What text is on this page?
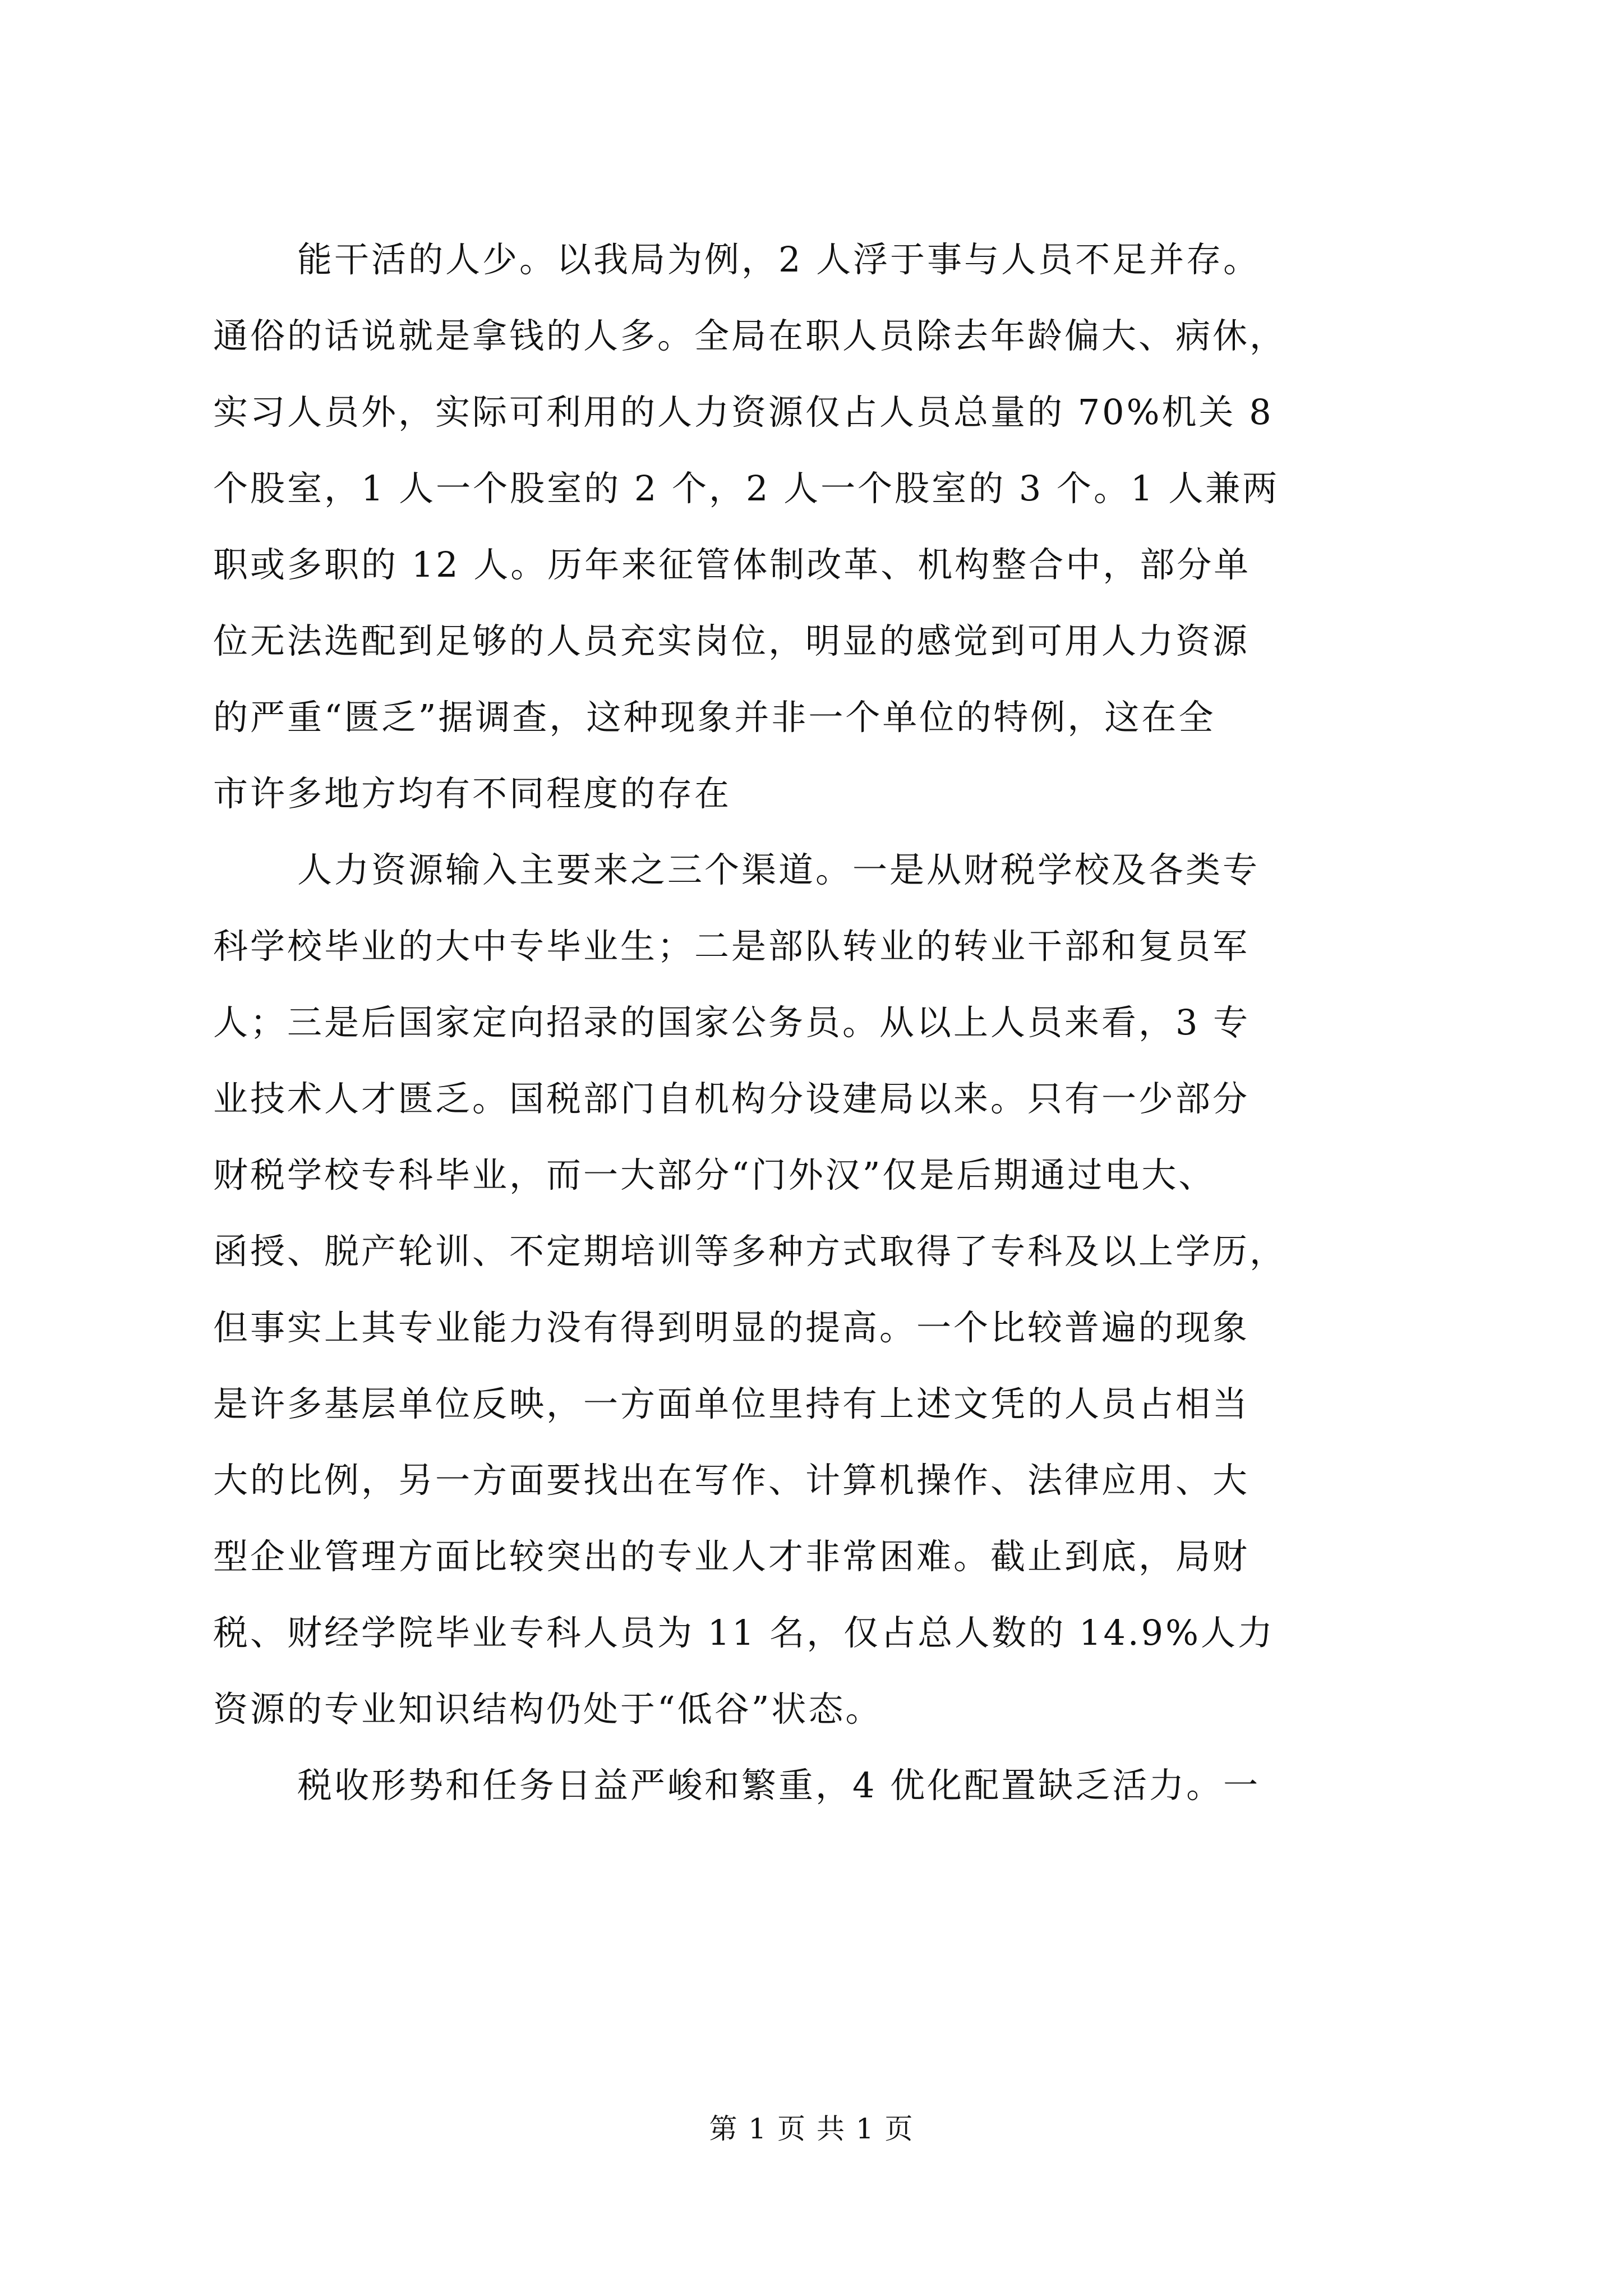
能干活的人少。以我局为例，2 人浮于事与人员不足并存。
通俗的话说就是拿钱的人多。全局在职人员除去年龄偏大、病休，
实习人员外，实际可利用的人力资源仅占人员总量的 70%机关 8
个股室，1 人一个股室的 2 个，2 人一个股室的 3 个。1 人兼两
职或多职的 12 人。历年来征管体制改革、机构整合中，部分单
位无法选配到足够的人员充实岗位，明显的感觉到可用人力资源
的严重“匮乏”据调查，这种现象并非一个单位的特例，这在全
市许多地方均有不同程度的存在
人力资源输入主要来之三个渠道。一是从财税学校及各类专
科学校毕业的大中专毕业生；二是部队转业的转业干部和复员军
人；三是后国家定向招录的国家公务员。从以上人员来看，3 专
业技术人才匮乏。国税部门自机构分设建局以来。只有一少部分
财税学校专科毕业，而一大部分“门外汉”仅是后期通过电大、
函授、脱产轮训、不定期培训等多种方式取得了专科及以上学历，
但事实上其专业能力没有得到明显的提高。一个比较普遍的现象
是许多基层单位反映，一方面单位里持有上述文凭的人员占相当
大的比例，另一方面要找出在写作、计算机操作、法律应用、大
型企业管理方面比较突出的专业人才非常困难。截止到底，局财
税、财经学院毕业专科人员为 11 名，仅占总人数的 14.9%人力
资源的专业知识结构仍处于“低谷”状态。
税收形势和任务日益严峻和繁重，4 优化配置缺乏活力。一
第 1 页 共 1 页
